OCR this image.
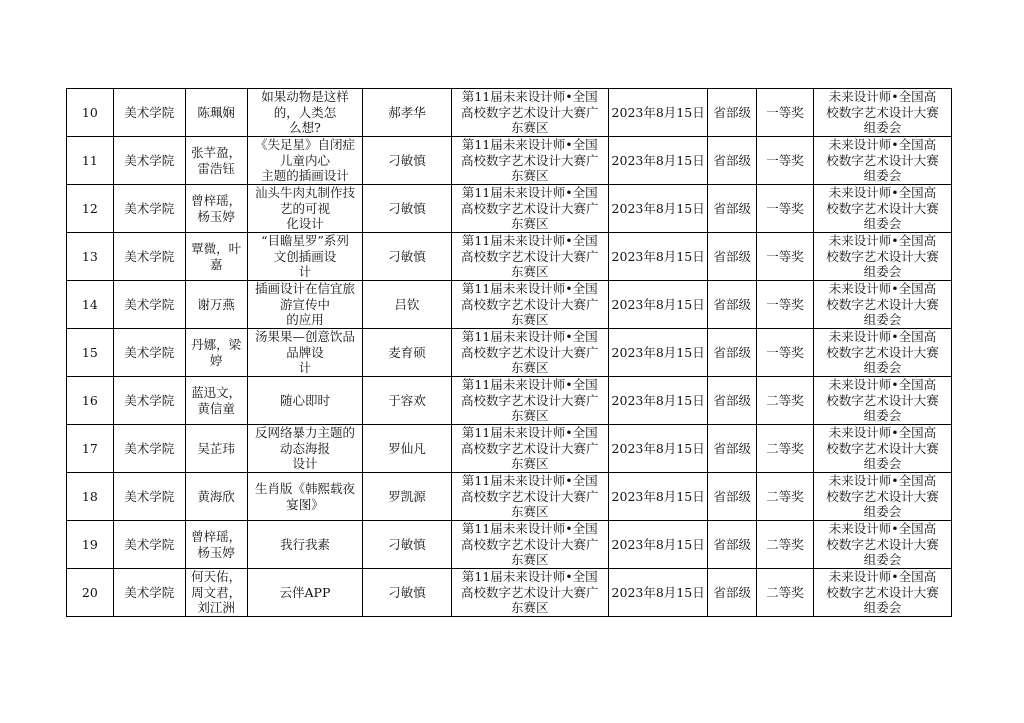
10	美术学院	陈珮娴	如果动物是这样
的，人类怎
么想?	郝孝华	第11届未来设计师•全国
高校数字艺术设计大赛广
东赛区	2023年8月15日	省部级	一等奖	未来设计师•全国高
校数字艺术设计大赛
组委会

11	美术学院	张芊盈，
雷浩钰	《失足星》自闭症
儿童内心
主题的插画设计	刁敏慎	第11届未来设计师•全国
高校数字艺术设计大赛广
东赛区	2023年8月15日	省部级	一等奖	未来设计师•全国高
校数字艺术设计大赛
组委会

12	美术学院	曾梓瑶，
杨玉婷	汕头牛肉丸制作技
艺的可视
化设计	刁敏慎	第11届未来设计师•全国
高校数字艺术设计大赛广
东赛区	2023年8月15日	省部级	一等奖	未来设计师•全国高
校数字艺术设计大赛
组委会

13	美术学院	覃微，叶嘉	“目瞻星罗”系列
文创插画设
计	刁敏慎	第11届未来设计师•全国
高校数字艺术设计大赛广
东赛区	2023年8月15日	省部级	一等奖	未来设计师•全国高
校数字艺术设计大赛
组委会

14	美术学院	谢万燕	插画设计在信宜旅
游宣传中
的应用	吕钦	第11届未来设计师•全国
高校数字艺术设计大赛广
东赛区	2023年8月15日	省部级	一等奖	未来设计师•全国高
校数字艺术设计大赛
组委会

15	美术学院	丹娜，梁婷	汤果果—创意饮品
品牌设
计	麦育硕	第11届未来设计师•全国
高校数字艺术设计大赛广
东赛区	2023年8月15日	省部级	一等奖	未来设计师•全国高
校数字艺术设计大赛
组委会

16	美术学院	蓝迅文，
黄信童	随心即时	于容欢	第11届未来设计师•全国
高校数字艺术设计大赛广
东赛区	2023年8月15日	省部级	二等奖	未来设计师•全国高
校数字艺术设计大赛
组委会

17	美术学院	吴芷玮	反网络暴力主题的
动态海报
设计	罗仙凡	第11届未来设计师•全国
高校数字艺术设计大赛广
东赛区	2023年8月15日	省部级	二等奖	未来设计师•全国高
校数字艺术设计大赛
组委会

18	美术学院	黄海欣	生肖版《韩熙载夜
宴图》	罗凯源	第11届未来设计师•全国
高校数字艺术设计大赛广
东赛区	2023年8月15日	省部级	二等奖	未来设计师•全国高
校数字艺术设计大赛
组委会

19	美术学院	曾梓瑶，
杨玉婷	我行我素	刁敏慎	第11届未来设计师•全国
高校数字艺术设计大赛广
东赛区	2023年8月15日	省部级	二等奖	未来设计师•全国高
校数字艺术设计大赛
组委会

20	美术学院	何天佑，
周文君，
刘江洲	云伴APP	刁敏慎	第11届未来设计师•全国
高校数字艺术设计大赛广
东赛区	2023年8月15日	省部级	二等奖	未来设计师•全国高
校数字艺术设计大赛
组委会
